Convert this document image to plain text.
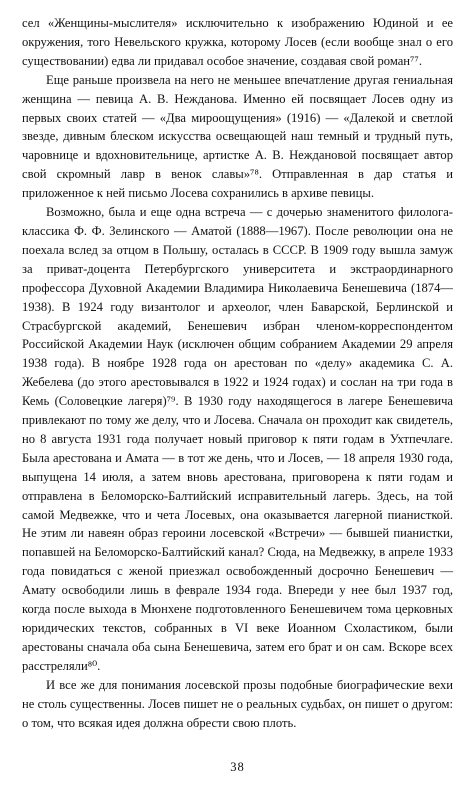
сел «Женщины-мыслителя» исключительно к изображению Юдиной и ее окружения, того Невельского кружка, которому Лосев (если вообще знал о его существовании) едва ли придавал особое значение, создавая свой роман⁷⁷.

Еще раньше произвела на него не меньшее впечатление другая гениальная женщина — певица А. В. Нежданова. Именно ей посвящает Лосев одну из первых своих статей — «Два мироощущения» (1916) — «Далекой и светлой звезде, дивным блеском искусства освещающей наш темный и трудный путь, чаровнице и вдохновительнице, артистке А. В. Неждановой посвящает автор свой скромный лавр в венок славы»⁷⁸. Отправленная в дар статья и приложенное к ней письмо Лосева сохранились в архиве певицы.

Возможно, была и еще одна встреча — с дочерью знаменитого филолога-классика Ф. Ф. Зелинского — Аматой (1888—1967). После революции она не поехала вслед за отцом в Польшу, осталась в СССР. В 1909 году вышла замуж за приват-доцента Петербургского университета и экстраординарного профессора Духовной Академии Владимира Николаевича Бенешевича (1874—1938). В 1924 году византолог и археолог, член Баварской, Берлинской и Страсбургской академий, Бенешевич избран членом-корреспондентом Российской Академии Наук (исключен общим собранием Академии 29 апреля 1938 года). В ноябре 1928 года он арестован по «делу» академика С. А. Жебелева (до этого арестовывался в 1922 и 1924 годах) и сослан на три года в Кемь (Соловецкие лагеря)⁷⁹. В 1930 году находящегося в лагере Бенешевича привлекают по тому же делу, что и Лосева. Сначала он проходит как свидетель, но 8 августа 1931 года получает новый приговор к пяти годам в Ухтпечлаге. Была арестована и Амата — в тот же день, что и Лосев, — 18 апреля 1930 года, выпущена 14 июля, а затем вновь арестована, приговорена к пяти годам и отправлена в Беломорско-Балтийский исправительный лагерь. Здесь, на той самой Медвежке, что и чета Лосевых, она оказывается лагерной пианисткой. Не этим ли навеян образ героини лосевской «Встречи» — бывшей пианистки, попавшей на Беломорско-Балтийский канал? Сюда, на Медвежку, в апреле 1933 года повидаться с женой приезжал освобожденный досрочно Бенешевич — Амату освободили лишь в феврале 1934 года. Впереди у нее был 1937 год, когда после выхода в Мюнхене подготовленного Бенешевичем тома церковных юридических текстов, собранных в VI веке Иоанном Схоластиком, были арестованы сначала оба сына Бенешевича, затем его брат и он сам. Вскоре всех расстреляли⁸⁰.

И все же для понимания лосевской прозы подобные биографические вехи не столь существенны. Лосев пишет не о реальных судьбах, он пишет о другом: о том, что всякая идея должна обрести свою плоть.

38
